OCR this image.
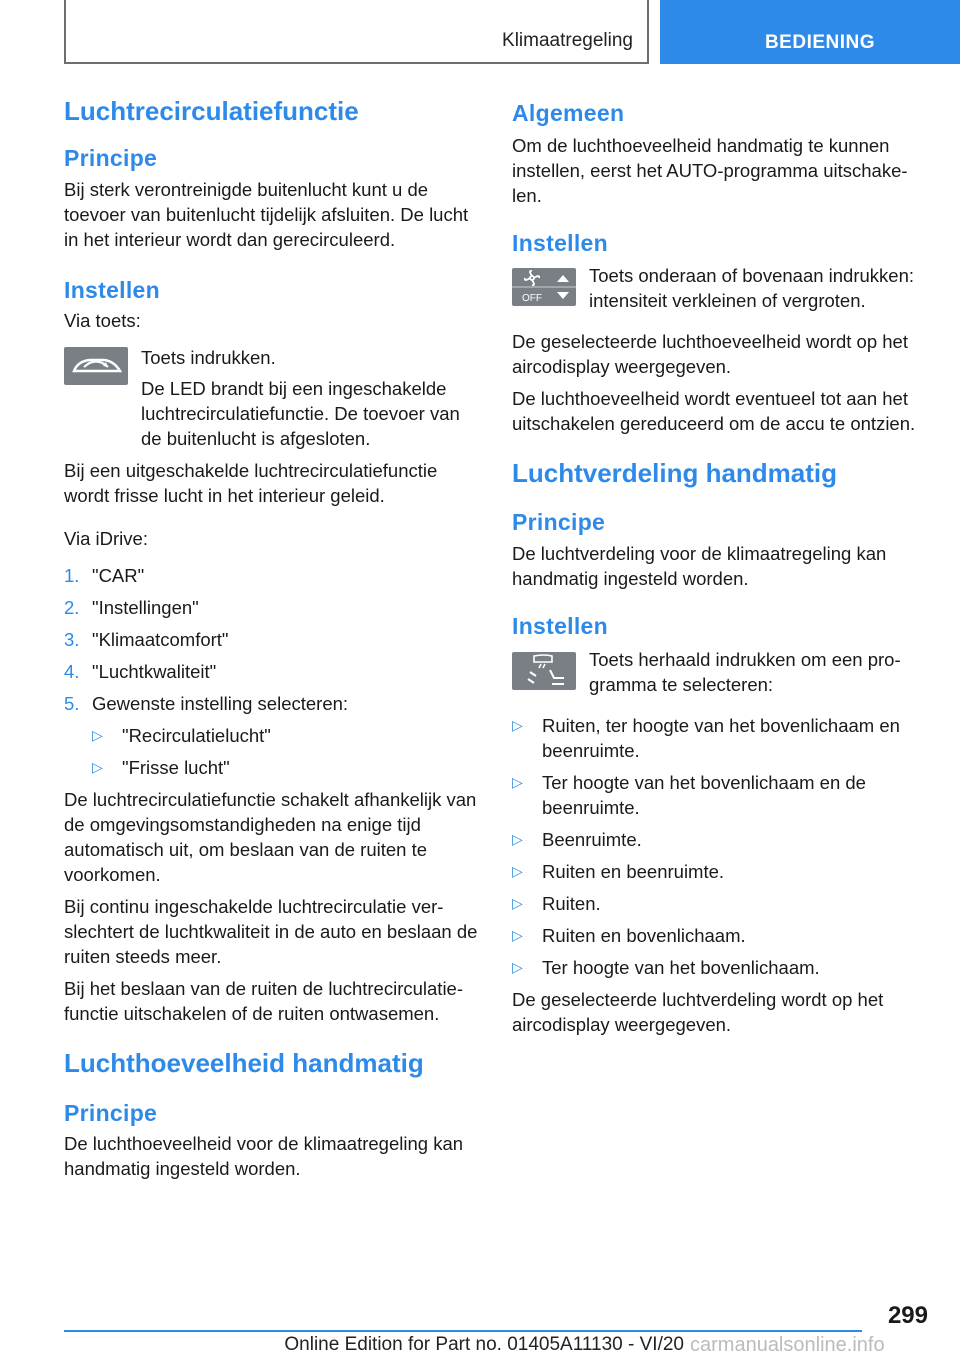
Klimaatregeling	BEDIENING
Luchtrecirculatiefunctie
Principe

Bij sterk verontreinigde buitenlucht kunt u de toevoer van buitenlucht tijdelijk afsluiten. De lucht in het interieur wordt dan gerecirculeerd.

Instellen

Via toets:

Toets indrukken.

De LED brandt bij een ingeschakelde luchtrecirculatiefunctie. De toevoer van de buitenlucht is afgesloten.

Bij een uitgeschakelde luchtrecirculatiefunctie wordt frisse lucht in het interieur geleid.

Via iDrive:

1. "CAR"
2. "Instellingen"
3. "Klimaatcomfort"
4. "Luchtkwaliteit"
5. Gewenste instelling selecteren:
▷ "Recirculatielucht"
▷ "Frisse lucht"

De luchtrecirculatiefunctie schakelt afhankelijk van de omgevingsomstandigheden na enige tijd automatisch uit, om beslaan van de ruiten te voorkomen.

Bij continu ingeschakelde luchtrecirculatie verslechtert de luchtkwaliteit in de auto en beslaan de ruiten steeds meer.

Bij het beslaan van de ruiten de luchtrecirculatiefunctie uitschakelen of de ruiten ontwasemen.

Luchthoeveelheid handmatig
Principe

De luchthoeveelheid voor de klimaatregeling kan handmatig ingesteld worden.

Algemeen

Om de luchthoeveelheid handmatig te kunnen instellen, eerst het AUTO-programma uitschakelen.

Instellen
OFF

Toets onderaan of bovenaan indrukken: intensiteit verkleinen of vergroten.

De geselecteerde luchthoeveelheid wordt op het aircodisplay weergegeven.

De luchthoeveelheid wordt eventueel tot aan het uitschakelen gereduceerd om de accu te ontzien.

Luchtverdeling handmatig
Principe

De luchtverdeling voor de klimaatregeling kan handmatig ingesteld worden.

Instellen

Toets herhaald indrukken om een programma te selecteren:

▷ Ruiten, ter hoogte van het bovenlichaam en beenruimte.
▷ Ter hoogte van het bovenlichaam en de beenruimte.
▷ Beenruimte.
▷ Ruiten en beenruimte.
▷ Ruiten.
▷ Ruiten en bovenlichaam.
▷ Ter hoogte van het bovenlichaam.

De geselecteerde luchtverdeling wordt op het aircodisplay weergegeven.

299
Online Edition for Part no. 01405A11130 - VI/20 carmanualsonline.info
